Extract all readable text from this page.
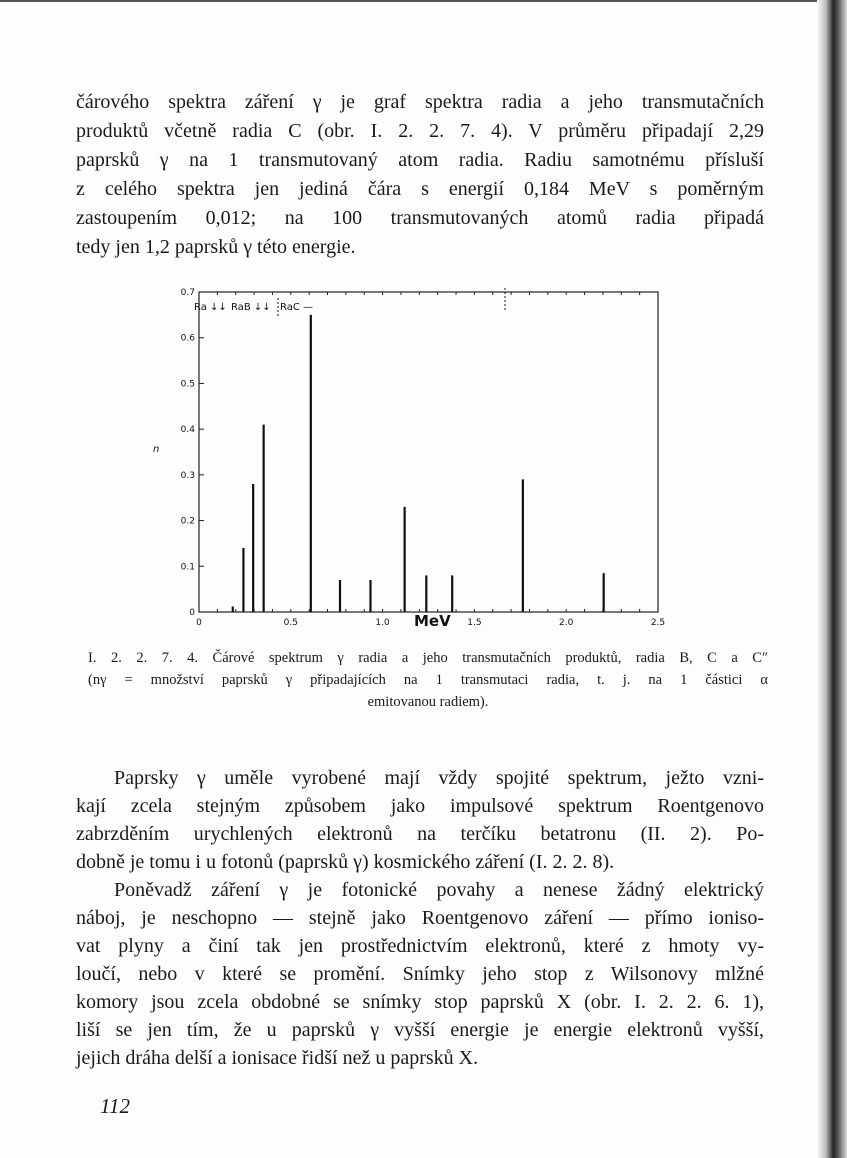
čárového spektra záření γ je graf spektra radia a jeho transmutačních
produktů včetně radia C (obr. I. 2. 2. 7. 4). V průměru připadají 2,29
paprsků γ na 1 transmutovaný atom radia. Radiu samotnému přísluší
z celého spektra jen jediná čára s energií 0,184 MeV s poměrným
zastoupením 0,012; na 100 transmutovaných atomů radia připadá
tedy jen 1,2 paprsků γ této energie.
0
0.1
0.2
0.3
0.4
0.5
0.6
0.7
0	0.5	1.0	1.5	2.0	2.5
n
MeV
Ra ↓↓ RaB ↓↓ RaC —
I. 2. 2. 7. 4. Čárové spektrum γ radia a jeho transmutačních produktů, radia B, C a C″
(nγ = množství paprsků γ připadajících na 1 transmutaci radia, t. j. na 1 částici α
emitovanou radiem).
Paprsky γ uměle vyrobené mají vždy spojité spektrum, ježto vzni-
kají zcela stejným způsobem jako impulsové spektrum Roentgenovo
zabrzděním urychlených elektronů na terčíku betatronu (II. 2). Po-
dobně je tomu i u fotonů (paprsků γ) kosmického záření (I. 2. 2. 8).
Poněvadž záření γ je fotonické povahy a nenese žádný elektrický
náboj, je neschopno — stejně jako Roentgenovo záření — přímo ioniso-
vat plyny a činí tak jen prostřednictvím elektronů, které z hmoty vy-
loučí, nebo v které se promění. Snímky jeho stop z Wilsonovy mlžné
komory jsou zcela obdobné se snímky stop paprsků X (obr. I. 2. 2. 6. 1),
liší se jen tím, že u paprsků γ vyšší energie je energie elektronů vyšší,
jejich dráha delší a ionisace řidší než u paprsků X.
112
